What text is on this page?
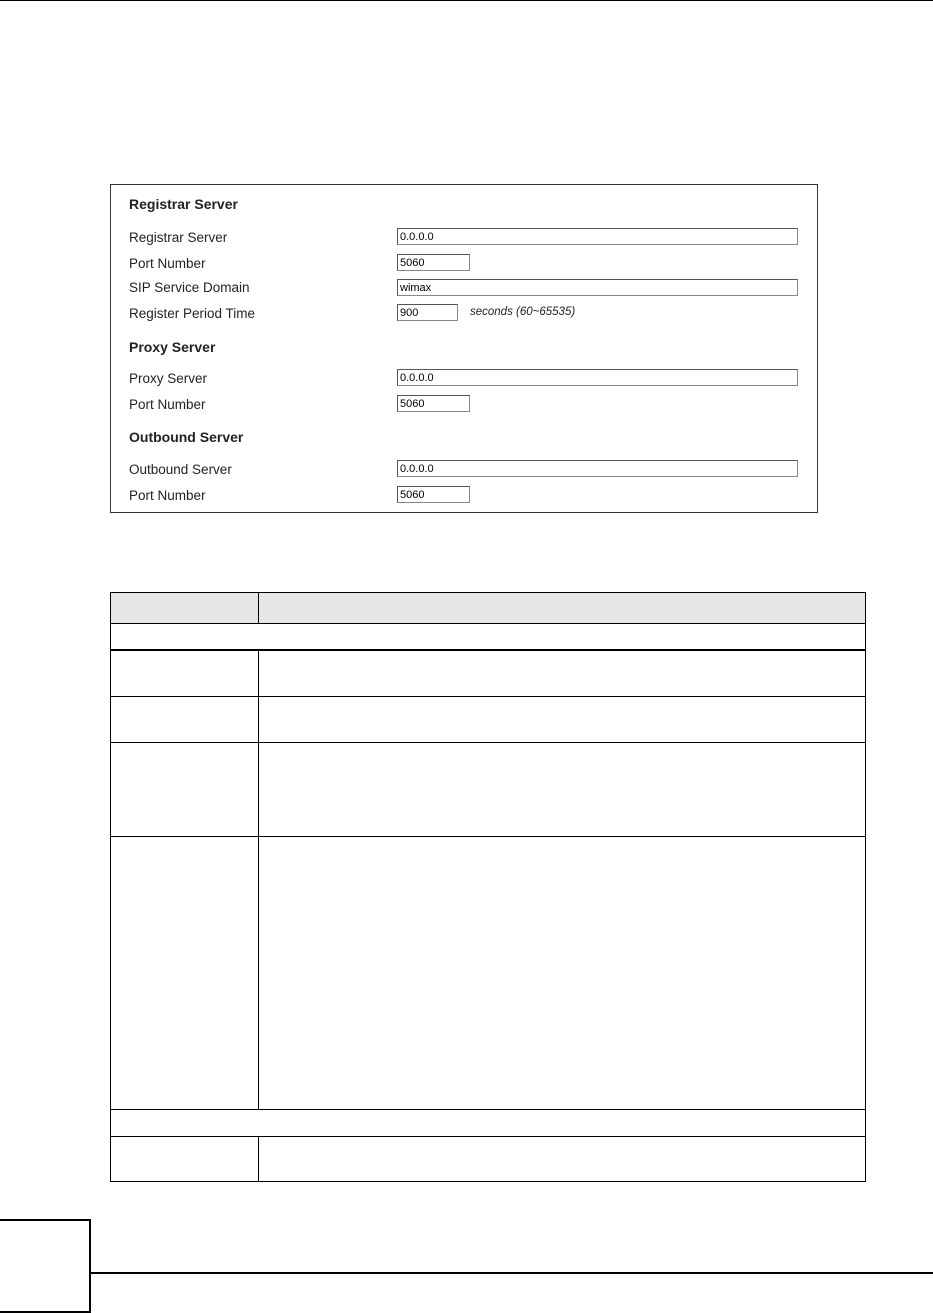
Registrar Server
Registrar Server
0.0.0.0
Port Number
5060
SIP Service Domain
wimax
Register Period Time
900	seconds (60~65535)
Proxy Server
Proxy Server
0.0.0.0
Port Number
5060
Outbound Server
Outbound Server
0.0.0.0
Port Number
5060
